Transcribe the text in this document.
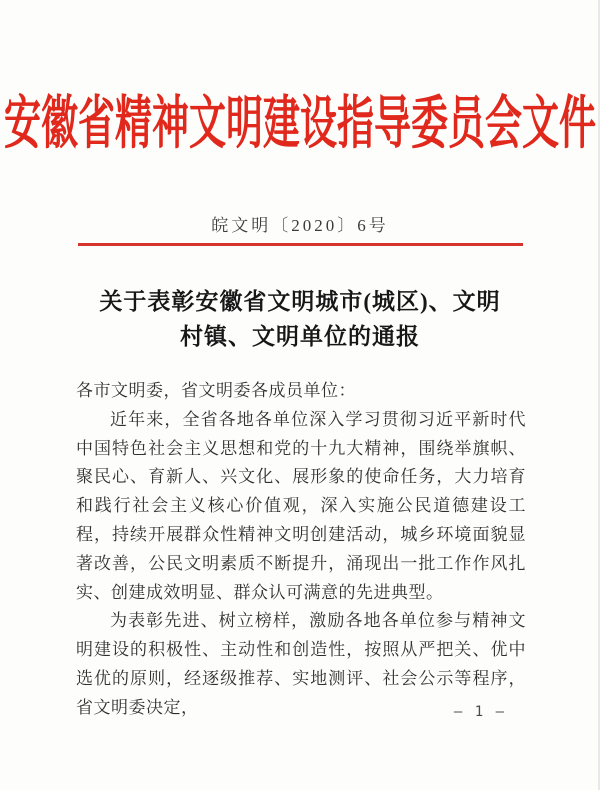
安徽省精神文明建设指导委员会文件
皖文明〔2020〕6号
关于表彰安徽省文明城市(城区)、文明
村镇、文明单位的通报

各市文明委，省文明委各成员单位：

近年来，全省各地各单位深入学习贯彻习近平新时代中国特色社会主义思想和党的十九大精神，围绕举旗帜、聚民心、育新人、兴文化、展形象的使命任务，大力培育和践行社会主义核心价值观，深入实施公民道德建设工程，持续开展群众性精神文明创建活动，城乡环境面貌显著改善，公民文明素质不断提升，涌现出一批工作作风扎实、创建成效明显、群众认可满意的先进典型。

为表彰先进、树立榜样，激励各地各单位参与精神文明建设的积极性、主动性和创造性，按照从严把关、优中选优的原则，经逐级推荐、实地测评、社会公示等程序，省文明委决定，	— 1 —
